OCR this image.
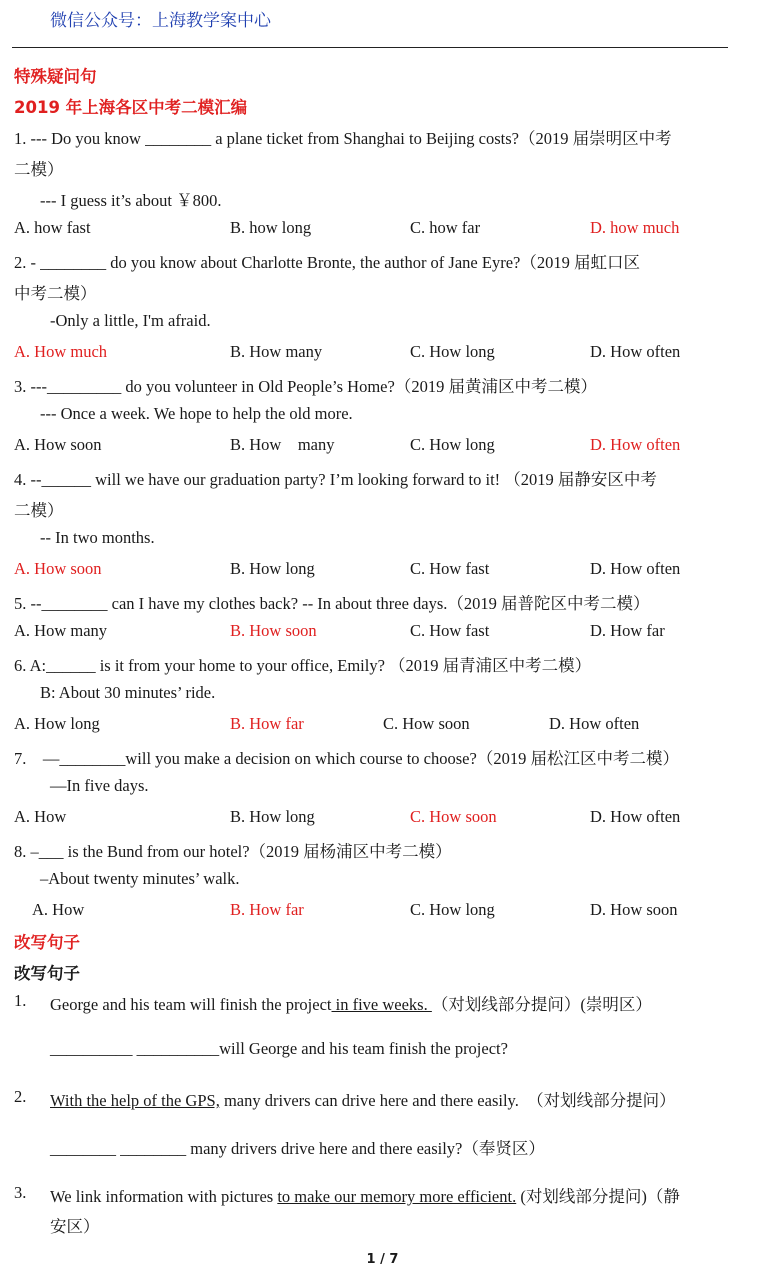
微信公众号：上海教学案中心
特殊疑问句
2019 年上海各区中考二模汇编
1. --- Do you know ________ a plane ticket from Shanghai to Beijing costs?（2019 届崇明区中考
二模）
--- I guess it’s about ￥800.
A. how fast	B. how long	C. how far	D. how much
2. - ________ do you know about Charlotte Bronte, the author of Jane Eyre?（2019 届虹口区
中考二模）
-Only a little, I'm afraid.
A. How much	B. How many	C. How long	D. How often
3. ---_________ do you volunteer in Old People’s Home?（2019 届黄浦区中考二模）
--- Once a week. We hope to help the old more.
A. How soon	B. How    many	C. How long	D. How often
4. --______ will we have our graduation party? I’m looking forward to it! （2019 届静安区中考
二模）
-- In two months.
A. How soon	B. How long	C. How fast	D. How often
5. --________ can I have my clothes back? -- In about three days.（2019 届普陀区中考二模）
A. How many	B. How soon	C. How fast	D. How far
6. A:______ is it from your home to your office, Emily? （2019 届青浦区中考二模）
B: About 30 minutes’ ride.
A. How long	B. How far	C. How soon	D. How often
7.    —________will you make a decision on which course to choose?（2019 届松江区中考二模）
—In five days.
A. How	B. How long	C. How soon	D. How often
8. –___ is the Bund from our hotel?（2019 届杨浦区中考二模）
–About twenty minutes’ walk.
A. How	B. How far	C. How long	D. How soon
改写句子
改写句子
1. George and his team will finish the project in five weeks. （对划线部分提问）(崇明区）
__________ __________will George and his team finish the project?
2. With the help of the GPS, many drivers can drive here and there easily.  （对划线部分提问）
________ ________ many drivers drive here and there easily?（奉贤区）
3. We link information with pictures to make our memory more efficient. (对划线部分提问)（静
安区）
1 / 7
